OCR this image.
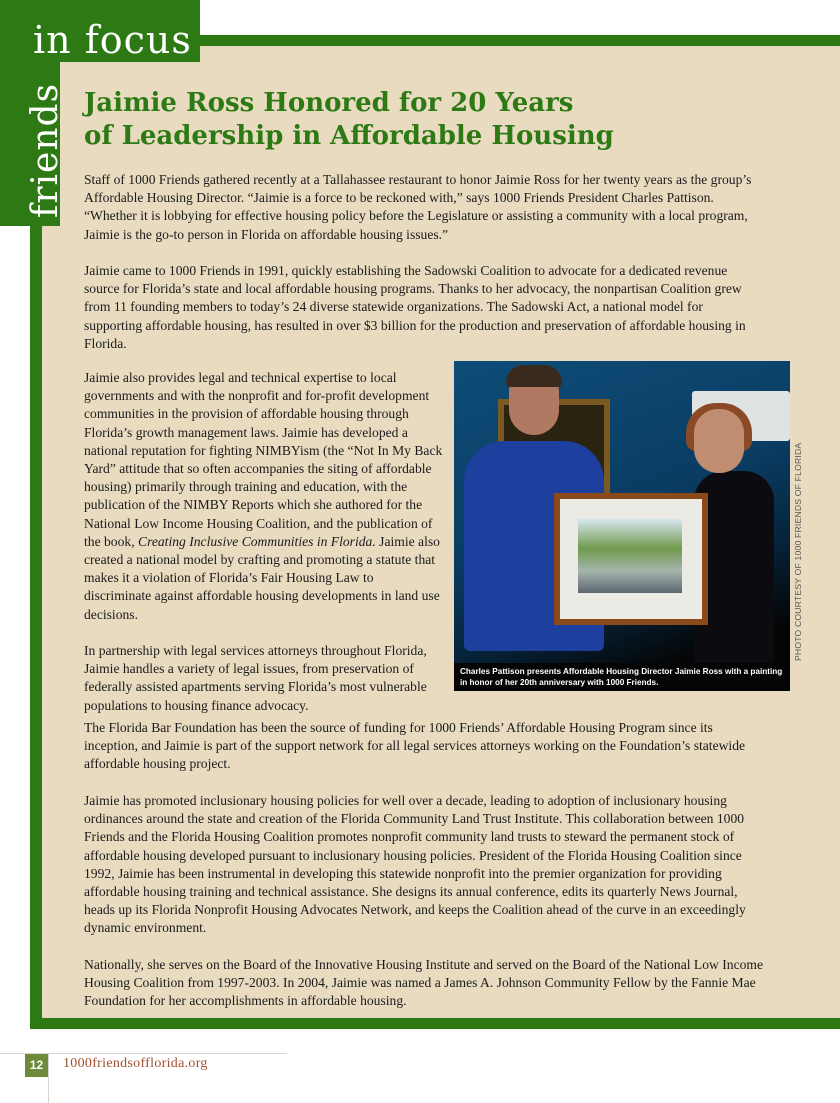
in focus
friends Jaimie Ross Honored for 20 Years
of Leadership in Affordable Housing

Staff of 1000 Friends gathered recently at a Tallahassee restaurant to honor Jaimie Ross for her twenty years as the group’s Affordable Housing Director. “Jaimie is a force to be reckoned with,” says 1000 Friends President Charles Pattison. “Whether it is lobbying for effective housing policy before the Legislature or assisting a community with a local program, Jaimie is the go-to person in Florida on affordable housing issues.”

Jaimie came to 1000 Friends in 1991, quickly establishing the Sadowski Coalition to advocate for a dedicated revenue source for Florida’s state and local affordable housing programs. Thanks to her advocacy, the nonpartisan Coalition grew from 11 founding members to today’s 24 diverse statewide organizations. The Sadowski Act, a national model for supporting affordable housing, has resulted in over $3 billion for the production and preservation of affordable housing in Florida.

Jaimie also provides legal and technical expertise to local governments and with the nonprofit and for-profit development communities in the provision of affordable housing through Florida’s growth management laws. Jaimie has developed a national reputation for fighting NIMBYism (the “Not In My Back Yard” attitude that so often accompanies the siting of affordable housing) primarily through training and education, with the publication of the NIMBY Reports which she authored for the National Low Income Housing Coalition, and the publication of the book, Creating Inclusive Communities in Florida. Jaimie also created a national model by crafting and promoting a statute that makes it a violation of Florida’s Fair Housing Law to discriminate against affordable housing developments in land use decisions.

In partnership with legal services attorneys throughout Florida, Jaimie handles a variety of legal issues, from preservation of federally assisted apartments serving Florida’s most vulnerable populations to housing finance advocacy.

The Florida Bar Foundation has been the source of funding for 1000 Friends’ Affordable Housing Program since its inception, and Jaimie is part of the support network for all legal services attorneys working on the Foundation’s statewide affordable housing project.
Jaimie has promoted inclusionary housing policies for well over a decade, leading to adoption of inclusionary housing ordinances around the state and creation of the Florida Community Land Trust Institute. This collaboration between 1000 Friends and the Florida Housing Coalition promotes nonprofit community land trusts to steward the permanent stock of affordable housing developed pursuant to inclusionary housing policies. President of the Florida Housing Coalition since 1992, Jaimie has been instrumental in developing this statewide nonprofit into the premier organization for providing affordable housing training and technical assistance. She designs its annual conference, edits its quarterly News Journal, heads up its Florida Nonprofit Housing Advocates Network, and keeps the Coalition ahead of the curve in an exceedingly dynamic environment.
Nationally, she serves on the Board of the Innovative Housing Institute and served on the Board of the National Low Income Housing Coalition from 1997-2003. In 2004, Jaimie was named a James A. Johnson Community Fellow by the Fannie Mae Foundation for her accomplishments in affordable housing.
Charles Pattison presents Affordable Housing Director Jaimie Ross with a painting in honor of her 20th anniversary with 1000 Friends.
PHOTO COURTESY OF 1000 FRIENDS OF FLORIDA
12	1000friendsofflorida.org
